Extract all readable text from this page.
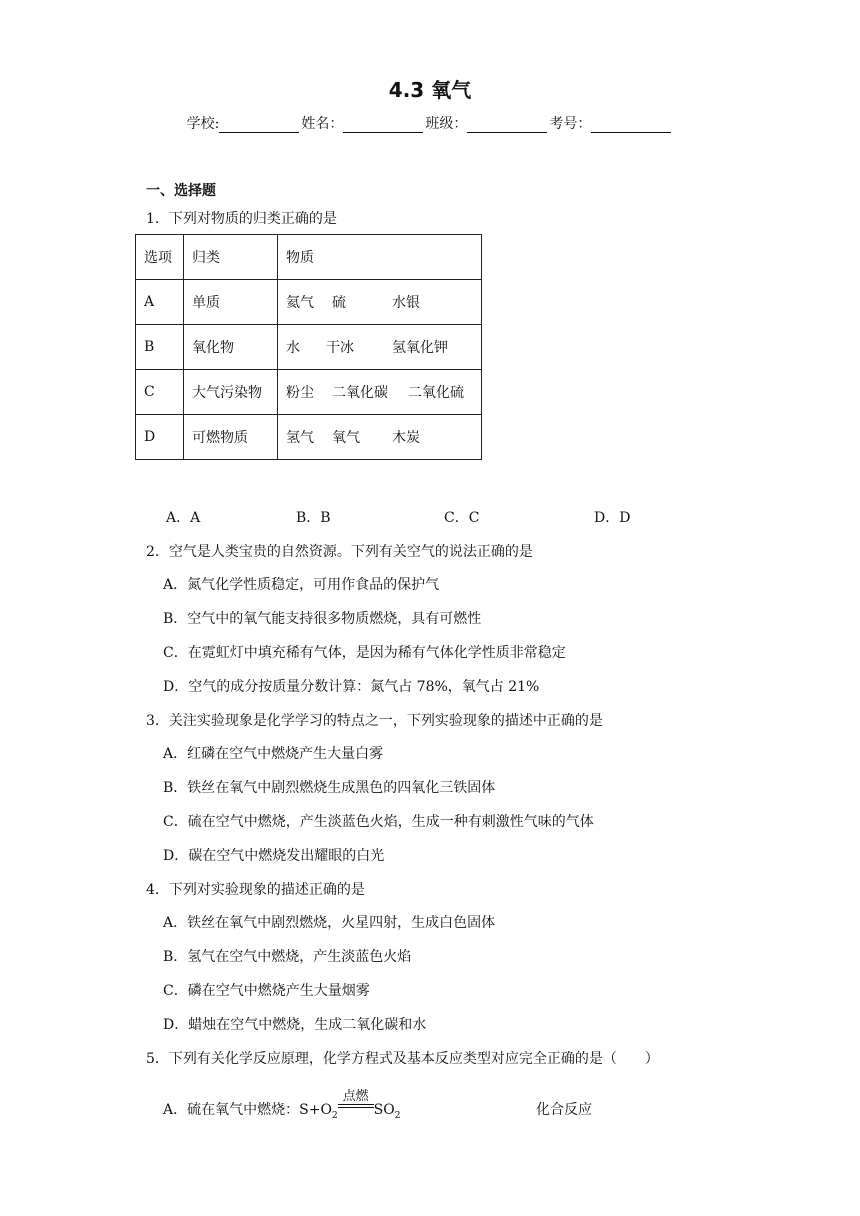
4.3 氧气
学校:	姓名：	班级：	考号：
一、选择题
1．下列对物质的归类正确的是
选项	归类	物质
A	单质	氦气 硫 水银
B	氧化物	水 干冰 氢氧化钾
C	大气污染物	粉尘 二氧化碳 二氧化硫
D	可燃物质	氢气 氧气 木炭
A．A	B．B	C．C	D．D
2．空气是人类宝贵的自然资源。下列有关空气的说法正确的是
A．氮气化学性质稳定，可用作食品的保护气
B．空气中的氧气能支持很多物质燃烧，具有可燃性
C．在霓虹灯中填充稀有气体，是因为稀有气体化学性质非常稳定
D．空气的成分按质量分数计算：氮气占 78%，氧气占 21%
3．关注实验现象是化学学习的特点之一，下列实验现象的描述中正确的是
A．红磷在空气中燃烧产生大量白雾
B．铁丝在氧气中剧烈燃烧生成黑色的四氧化三铁固体
C．硫在空气中燃烧，产生淡蓝色火焰，生成一种有刺激性气味的气体
D．碳在空气中燃烧发出耀眼的白光
4．下列对实验现象的描述正确的是
A．铁丝在氧气中剧烈燃烧，火星四射，生成白色固体
B．氢气在空气中燃烧，产生淡蓝色火焰
C．磷在空气中燃烧产生大量烟雾
D．蜡烛在空气中燃烧，生成二氧化碳和水
5．下列有关化学反应原理，化学方程式及基本反应类型对应完全正确的是（　　）
A．硫在氧气中燃烧：$S+O_2$
点燃
$SO_2$	化合反应
